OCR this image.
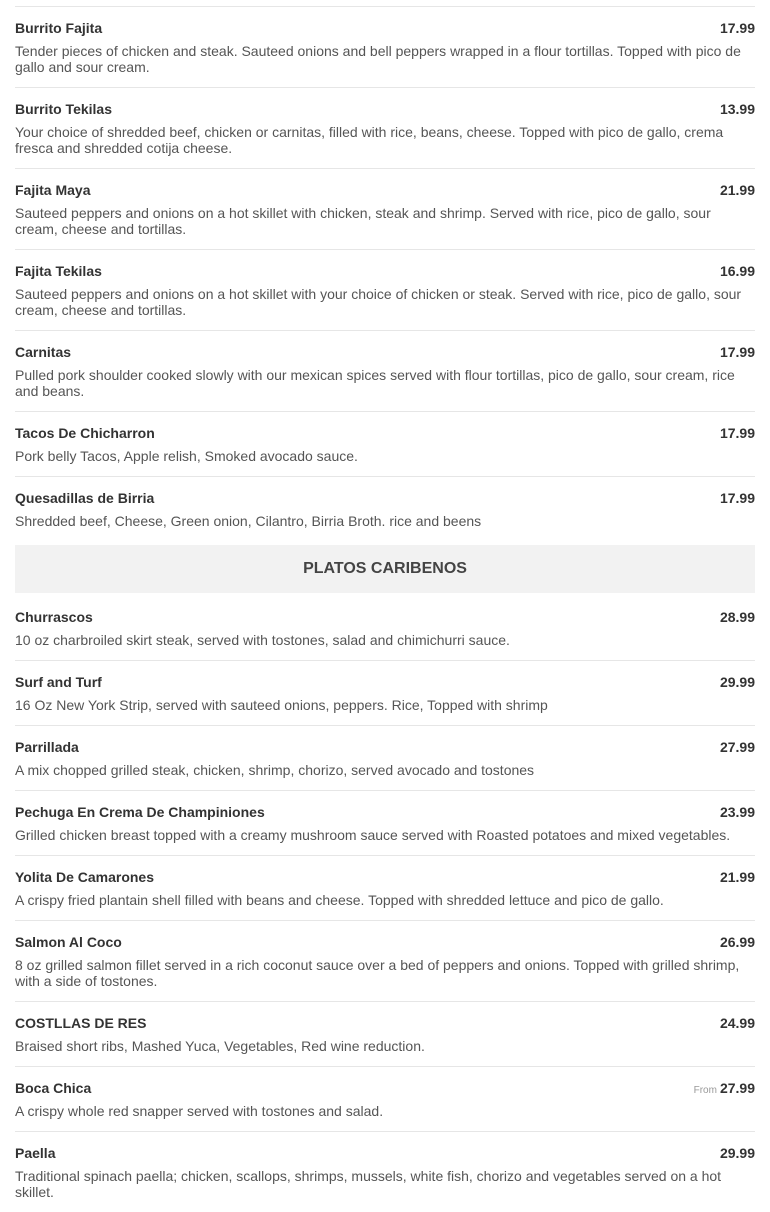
Burrito Fajita	17.99
Tender pieces of chicken and steak. Sauteed onions and bell peppers wrapped in a flour tortillas. Topped with pico de gallo and sour cream.
Burrito Tekilas	13.99
Your choice of shredded beef, chicken or carnitas, filled with rice, beans, cheese. Topped with pico de gallo, crema fresca and shredded cotija cheese.
Fajita Maya	21.99
Sauteed peppers and onions on a hot skillet with chicken, steak and shrimp. Served with rice, pico de gallo, sour cream, cheese and tortillas.
Fajita Tekilas	16.99
Sauteed peppers and onions on a hot skillet with your choice of chicken or steak. Served with rice, pico de gallo, sour cream, cheese and tortillas.
Carnitas	17.99
Pulled pork shoulder cooked slowly with our mexican spices served with flour tortillas, pico de gallo, sour cream, rice and beans.
Tacos De Chicharron	17.99
Pork belly Tacos, Apple relish, Smoked avocado sauce.
Quesadillas de Birria	17.99
Shredded beef, Cheese, Green onion, Cilantro, Birria Broth. rice and beens
PLATOS CARIBENOS
Churrascos	28.99
10 oz charbroiled skirt steak, served with tostones, salad and chimichurri sauce.
Surf and Turf	29.99
16 Oz New York Strip, served with sauteed onions, peppers. Rice, Topped with shrimp
Parrillada	27.99
A mix chopped grilled steak, chicken, shrimp, chorizo, served avocado and tostones
Pechuga En Crema De Champiniones	23.99
Grilled chicken breast topped with a creamy mushroom sauce served with Roasted potatoes and mixed vegetables.
Yolita De Camarones	21.99
A crispy fried plantain shell filled with beans and cheese. Topped with shredded lettuce and pico de gallo.
Salmon Al Coco	26.99
8 oz grilled salmon fillet served in a rich coconut sauce over a bed of peppers and onions. Topped with grilled shrimp, with a side of tostones.
COSTLLAS DE RES	24.99
Braised short ribs, Mashed Yuca, Vegetables, Red wine reduction.
Boca Chica	From 27.99
A crispy whole red snapper served with tostones and salad.
Paella	29.99
Traditional spinach paella; chicken, scallops, shrimps, mussels, white fish, chorizo and vegetables served on a hot skillet.
